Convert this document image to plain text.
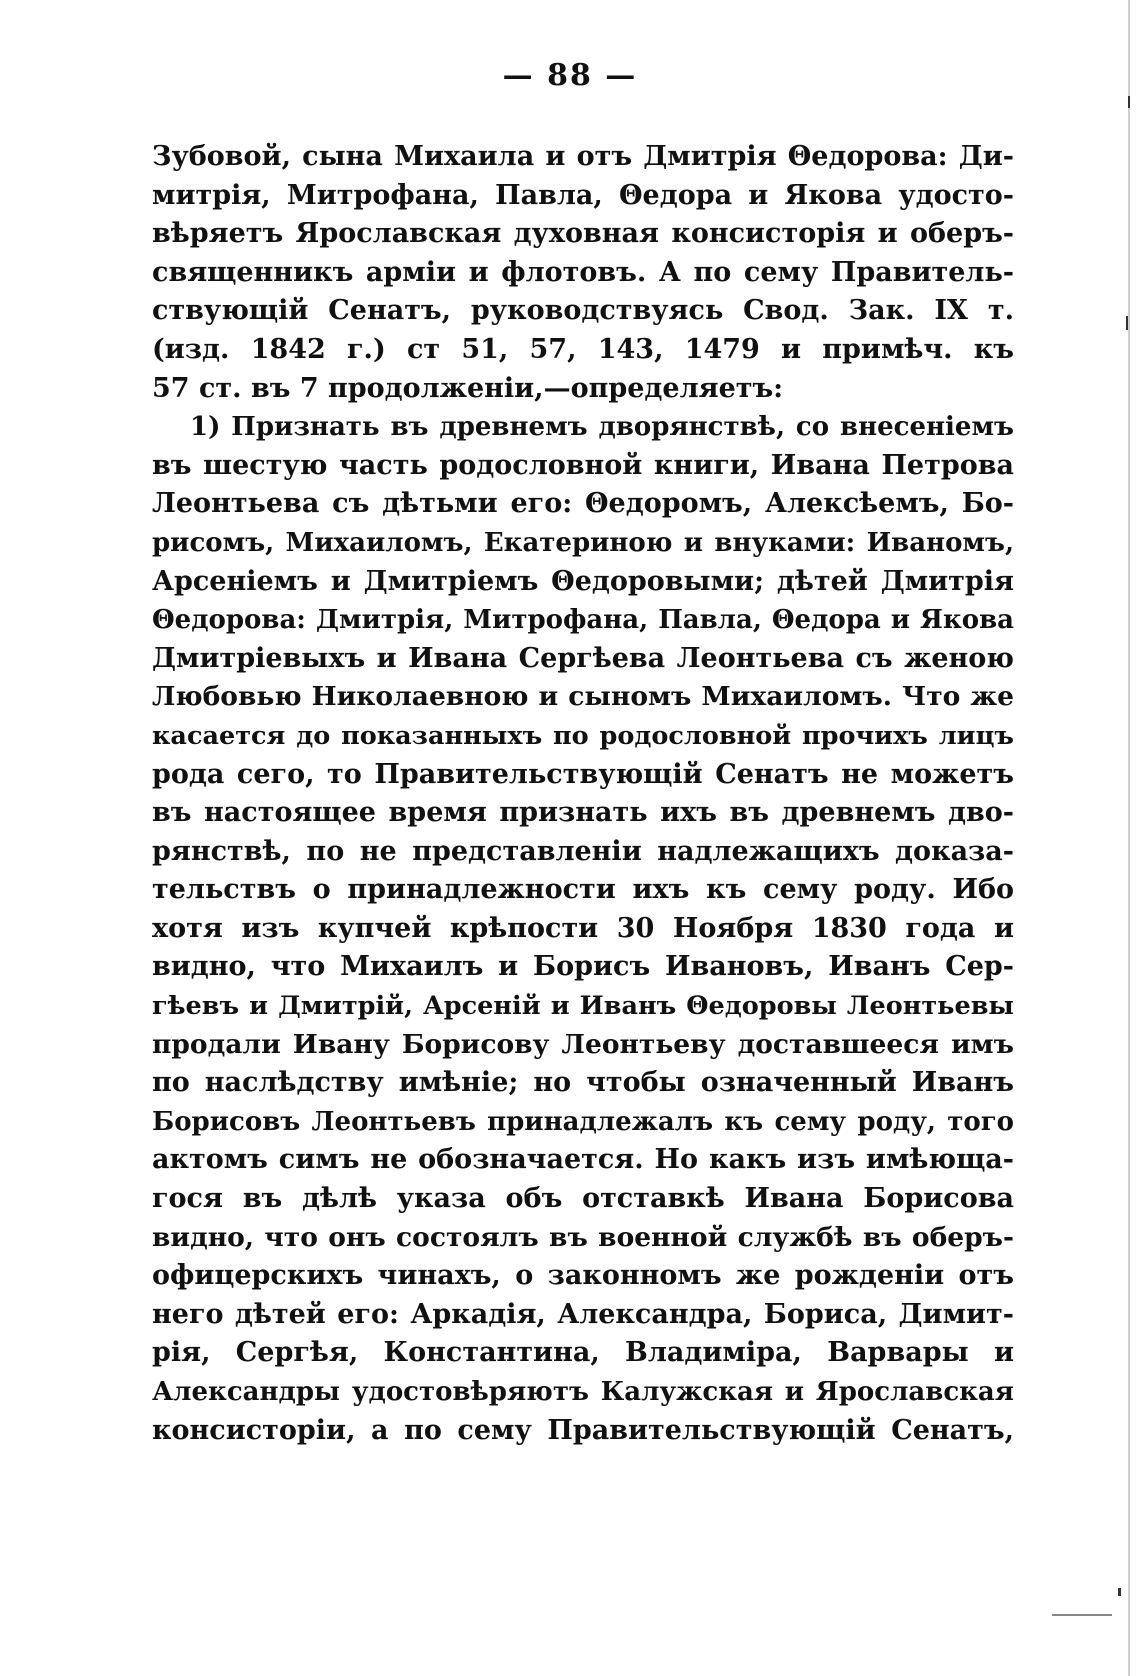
— 88 —
Зубовой, сына Михаила и отъ Дмитрія Θедорова: Ди-
митрія, Митрофана, Павла, Θедора и Якова удосто-
вѣряетъ Ярославская духовная консисторія и оберъ-
священникъ арміи и флотовъ. А по сему Правитель-
ствующій Сенатъ, руководствуясь Свод. Зак. IX т.
(изд. 1842 г.) ст 51, 57, 143, 1479 и примѣч. къ
57 ст. въ 7 продолженіи,—определяетъ:
1) Признать въ древнемъ дворянствѣ, со внесеніемъ
въ шестую часть родословной книги, Ивана Петрова
Леонтьева съ дѣтьми его: Θедоромъ, Алексѣемъ, Бо-
рисомъ, Михаиломъ, Екатериною и внуками: Иваномъ,
Арсеніемъ и Дмитріемъ Θедоровыми; дѣтей Дмитрія
Θедорова: Дмитрія, Митрофана, Павла, Θедора и Якова
Дмитріевыхъ и Ивана Сергѣева Леонтьева съ женою
Любовью Николаевною и сыномъ Михаиломъ. Что же
касается до показанныхъ по родословной прочихъ лицъ
рода сего, то Правительствующій Сенатъ не можетъ
въ настоящее время признать ихъ въ древнемъ дво-
рянствѣ, по не представленіи надлежащихъ доказа-
тельствъ о принадлежности ихъ къ сему роду. Ибо
хотя изъ купчей крѣпости 30 Ноября 1830 года и
видно, что Михаилъ и Борисъ Ивановъ, Иванъ Сер-
гѣевъ и Дмитрій, Арсеній и Иванъ Θедоровы Леонтьевы
продали Ивану Борисову Леонтьеву доставшееся имъ
по наслѣдству имѣніе; но чтобы означенный Иванъ
Борисовъ Леонтьевъ принадлежалъ къ сему роду, того
актомъ симъ не обозначается. Но какъ изъ имѣюща-
гося въ дѣлѣ указа объ отставкѣ Ивана Борисова
видно, что онъ состоялъ въ военной службѣ въ оберъ-
офицерскихъ чинахъ, о законномъ же рожденіи отъ
него дѣтей его: Аркадія, Александра, Бориса, Димит-
рія, Сергѣя, Константина, Владиміра, Варвары и
Александры удостовѣряютъ Калужская и Ярославская
консисторіи, а по сему Правительствующій Сенатъ,
